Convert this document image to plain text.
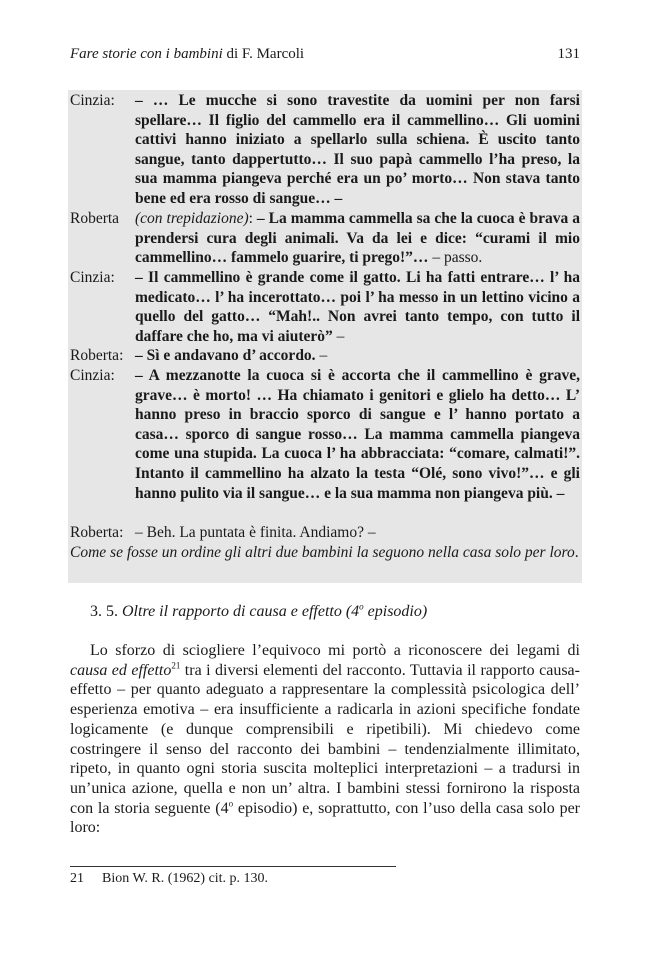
Fare storie con i bambini di F. Marcoli	131
Cinzia: – … Le mucche si sono travestite da uomini per non farsi spellare… Il figlio del cammello era il cammellino… Gli uomini cattivi hanno iniziato a spellarlo sulla schiena. È uscito tanto sangue, tanto dappertutto… Il suo papà cammello l’ha preso, la sua mamma piangeva perché era un po’ morto… Non stava tanto bene ed era rosso di sangue… –
Roberta (con trepidazione): – La mamma cammella sa che la cuoca è brava a prendersi cura degli animali. Va da lei e dice: “curami il mio cammellino… fammelo guarire, ti prego!”… – passo.
Cinzia: – Il cammellino è grande come il gatto. Li ha fatti entrare… l’ ha medicato… l’ ha incerottato… poi l’ ha messo in un lettino vicino a quello del gatto… “Mah!.. Non avrei tanto tempo, con tutto il daffare che ho, ma vi aiuterò” –
Roberta: – Sì e andavano d’ accordo. –
Cinzia: – A mezzanotte la cuoca si è accorta che il cammellino è grave, grave… è morto! … Ha chiamato i genitori e glielo ha detto… L’ hanno preso in braccio sporco di sangue e l’ hanno portato a casa… sporco di sangue rosso… La mamma cammella piangeva come una stupida. La cuoca l’ ha abbracciata: “comare, calmati!”. Intanto il cammellino ha alzato la testa “Olé, sono vivo!”… e gli hanno pulito via il sangue… e la sua mamma non piangeva più. –
Roberta: – Beh. La puntata è finita. Andiamo? –
Come se fosse un ordine gli altri due bambini la seguono nella casa solo per loro.
3. 5. Oltre il rapporto di causa e effetto (4$^o$ episodio)

Lo sforzo di sciogliere l’equivoco mi portò a riconoscere dei legami di causa ed effetto$^{21}$ tra i diversi elementi del racconto. Tuttavia il rapporto causa-effetto – per quanto adeguato a rappresentare la complessità psicologica dell’ esperienza emotiva – era insufficiente a radicarla in azioni specifiche fondate logicamente (e dunque comprensibili e ripetibili). Mi chiedevo come costringere il senso del racconto dei bambini – tendenzialmente illimitato, ripeto, in quanto ogni storia suscita molteplici interpretazioni – a tradursi in un’unica azione, quella e non un’ altra. I bambini stessi fornirono la risposta con la storia seguente (4$^o$ episodio) e, soprattutto, con l’uso della casa solo per loro:

21 Bion W. R. (1962) cit. p. 130.
